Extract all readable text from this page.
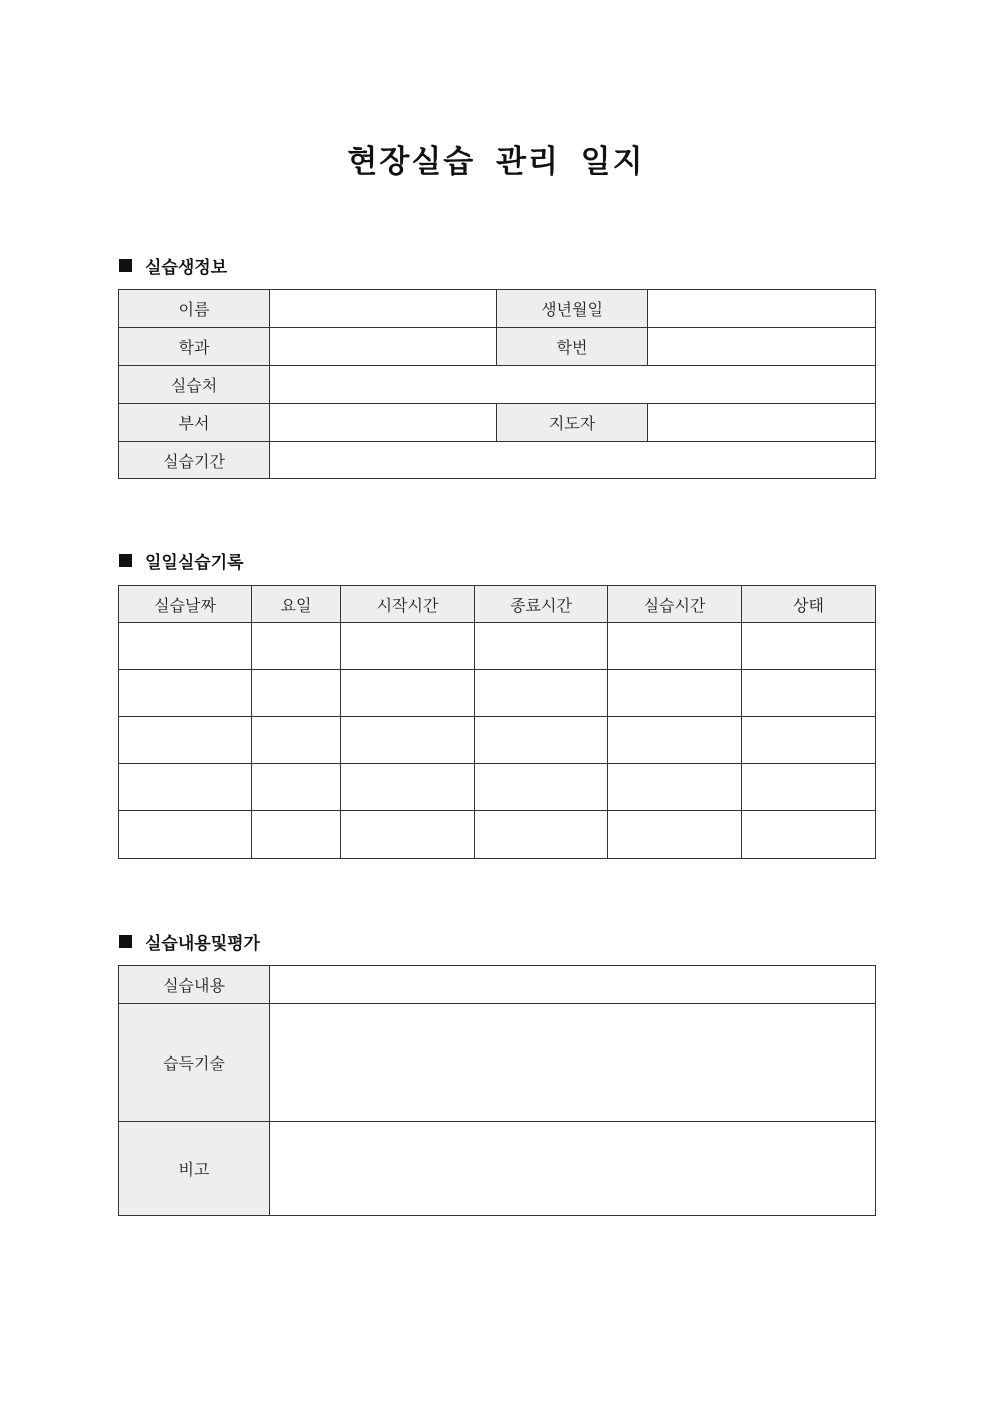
현장실습 관리 일지
실습생정보
이름		생년월일	
학과		학번	
실습처			
부서		지도자	
실습기간			
일일실습기록
실습날짜	요일	시작시간	종료시간	실습시간	상태

실습내용및평가
실습내용	
습득기술	
비고	
